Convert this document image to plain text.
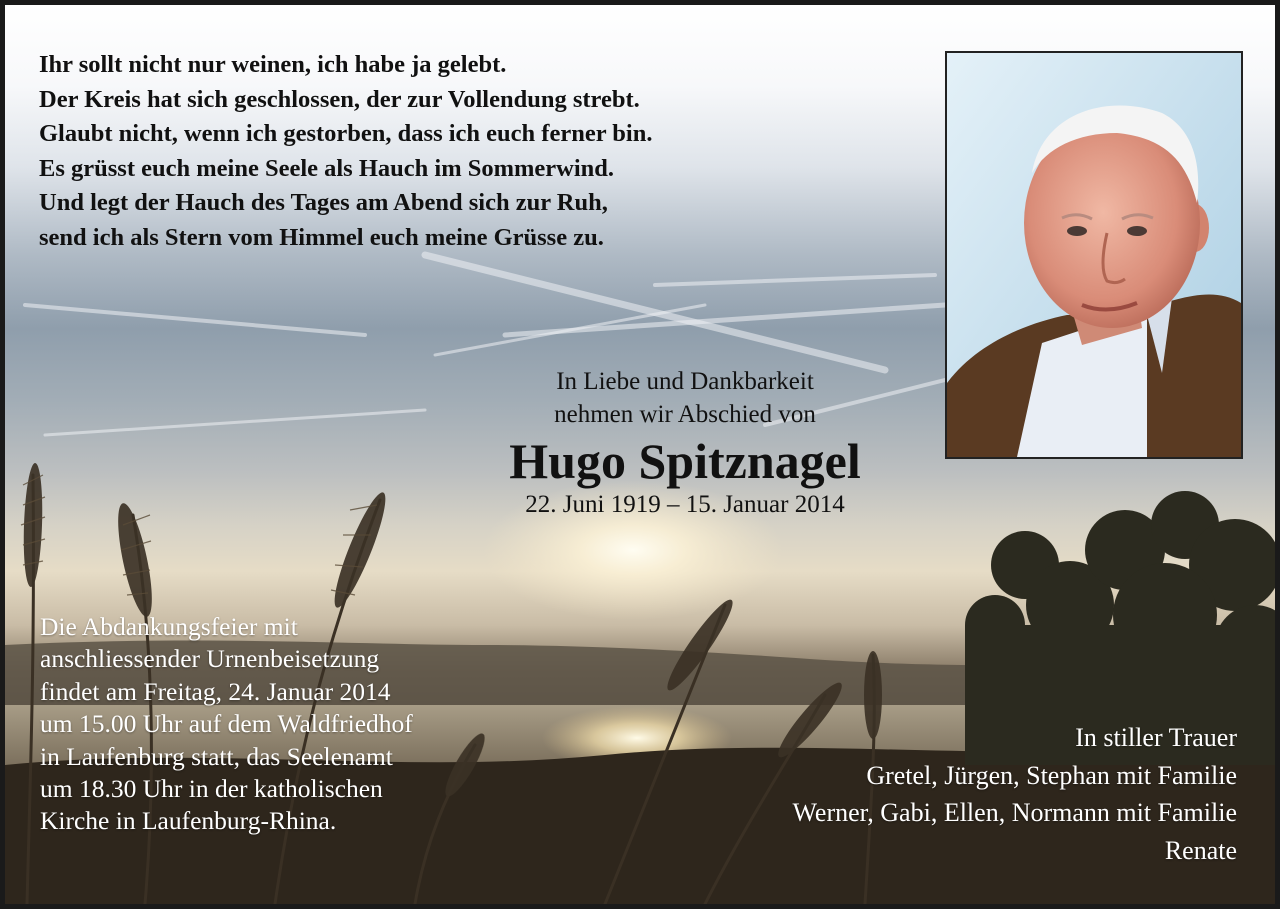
Ihr sollt nicht nur weinen, ich habe ja gelebt.
Der Kreis hat sich geschlossen, der zur Vollendung strebt.
Glaubt nicht, wenn ich gestorben, dass ich euch ferner bin.
Es grüsst euch meine Seele als Hauch im Sommerwind.
Und legt der Hauch des Tages am Abend sich zur Ruh,
send ich als Stern vom Himmel euch meine Grüsse zu.
In Liebe und Dankbarkeit
nehmen wir Abschied von
Hugo Spitznagel
22. Juni 1919 – 15. Januar 2014
Die Abdankungsfeier mit
anschliessender Urnenbeisetzung
findet am Freitag, 24. Januar 2014
um 15.00 Uhr auf dem Waldfriedhof
in Laufenburg statt, das Seelenamt
um 18.30 Uhr in der katholischen
Kirche in Laufenburg-Rhina.
In stiller Trauer
Gretel, Jürgen, Stephan mit Familie
Werner, Gabi, Ellen, Normann mit Familie
Renate
